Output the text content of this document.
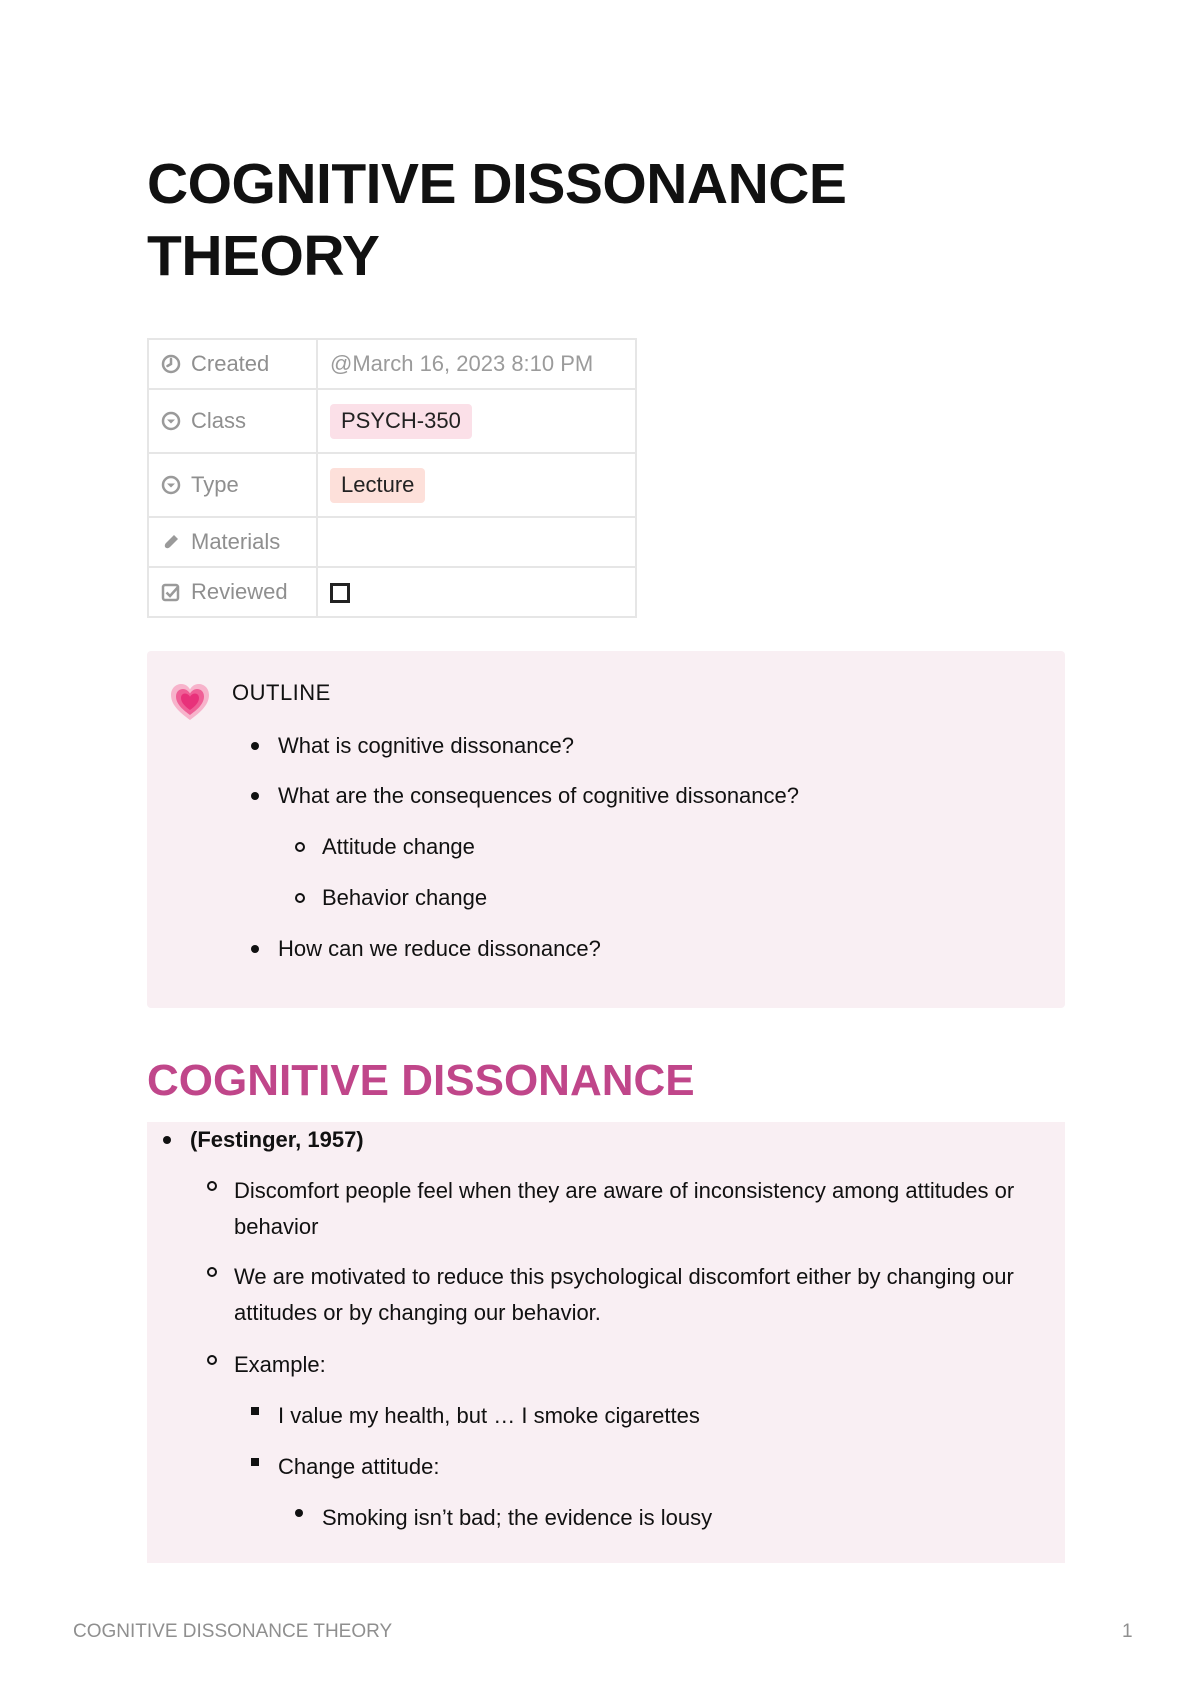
COGNITIVE DISSONANCE THEORY
Created	@March 16, 2023 8:10 PM
Class	PSYCH-350
Type	Lecture
Materials	
Reviewed	
OUTLINE
What is cognitive dissonance?
What are the consequences of cognitive dissonance?
Attitude change
Behavior change
How can we reduce dissonance?
COGNITIVE DISSONANCE
(Festinger, 1957)
Discomfort people feel when they are aware of inconsistency among attitudes or behavior
We are motivated to reduce this psychological discomfort either by changing our attitudes or by changing our behavior.
Example:
I value my health, but … I smoke cigarettes
Change attitude:
Smoking isn’t bad; the evidence is lousy
COGNITIVE DISSONANCE THEORY	1
